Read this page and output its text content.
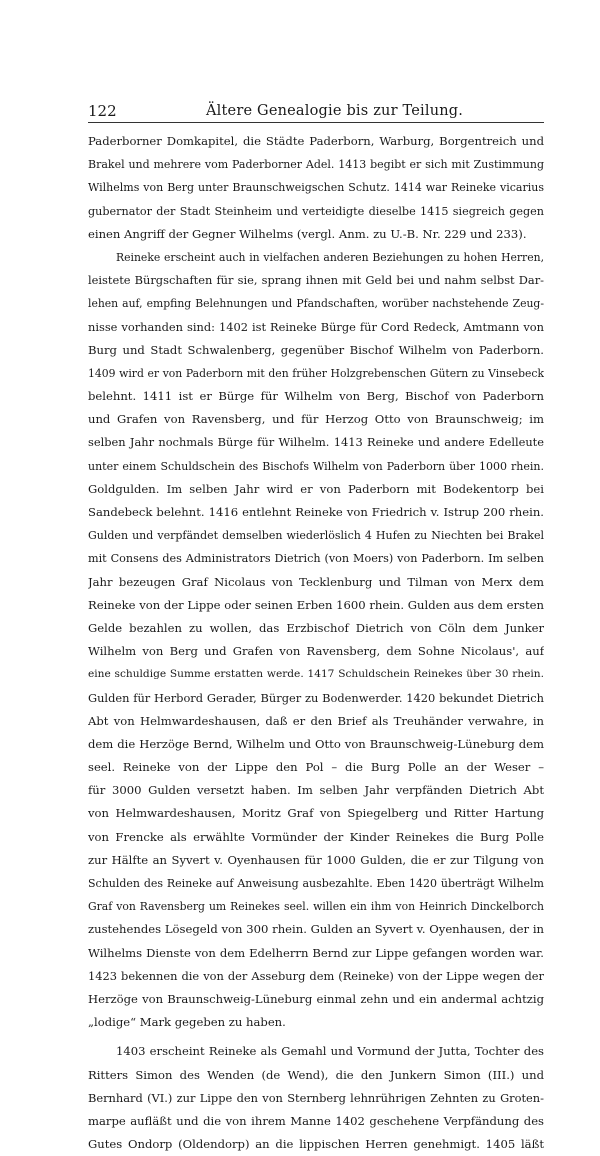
122	Ältere Genealogie bis zur Teilung.
Paderborner Domkapitel, die Städte Paderborn, Warburg, Borgentreich und
Brakel und mehrere vom Paderborner Adel. 1413 begibt er sich mit Zustimmung
Wilhelms von Berg unter Braunschweigschen Schutz. 1414 war Reineke vicarius
gubernator der Stadt Steinheim und verteidigte dieselbe 1415 siegreich gegen
einen Angriff der Gegner Wilhelms (vergl. Anm. zu U.-B. Nr. 229 und 233).
Reineke erscheint auch in vielfachen anderen Beziehungen zu hohen Herren,
leistete Bürgschaften für sie, sprang ihnen mit Geld bei und nahm selbst Dar-
lehen auf, empfing Belehnungen und Pfandschaften, worüber nachstehende Zeug-
nisse vorhanden sind: 1402 ist Reineke Bürge für Cord Redeck, Amtmann von
Burg und Stadt Schwalenberg, gegenüber Bischof Wilhelm von Paderborn.
1409 wird er von Paderborn mit den früher Holzgrebenschen Gütern zu Vinsebeck
belehnt. 1411 ist er Bürge für Wilhelm von Berg, Bischof von Paderborn
und Grafen von Ravensberg, und für Herzog Otto von Braunschweig; im
selben Jahr nochmals Bürge für Wilhelm. 1413 Reineke und andere Edelleute
unter einem Schuldschein des Bischofs Wilhelm von Paderborn über 1000 rhein.
Goldgulden. Im selben Jahr wird er von Paderborn mit Bodekentorp bei
Sandebeck belehnt. 1416 entlehnt Reineke von Friedrich v. Istrup 200 rhein.
Gulden und verpfändet demselben wiederlöslich 4 Hufen zu Niechten bei Brakel
mit Consens des Administrators Dietrich (von Moers) von Paderborn. Im selben
Jahr bezeugen Graf Nicolaus von Tecklenburg und Tilman von Merx dem
Reineke von der Lippe oder seinen Erben 1600 rhein. Gulden aus dem ersten
Gelde bezahlen zu wollen, das Erzbischof Dietrich von Cöln dem Junker
Wilhelm von Berg und Grafen von Ravensberg, dem Sohne Nicolaus', auf
eine schuldige Summe erstatten werde. 1417 Schuldschein Reinekes über 30 rhein.
Gulden für Herbord Gerader, Bürger zu Bodenwerder. 1420 bekundet Dietrich
Abt von Helmwardeshausen, daß er den Brief als Treuhänder verwahre, in
dem die Herzöge Bernd, Wilhelm und Otto von Braunschweig-Lüneburg dem
seel. Reineke von der Lippe den Pol – die Burg Polle an der Weser –
für 3000 Gulden versetzt haben. Im selben Jahr verpfänden Dietrich Abt
von Helmwardeshausen, Moritz Graf von Spiegelberg und Ritter Hartung
von Frencke als erwählte Vormünder der Kinder Reinekes die Burg Polle
zur Hälfte an Syvert v. Oyenhausen für 1000 Gulden, die er zur Tilgung von
Schulden des Reineke auf Anweisung ausbezahlte. Eben 1420 überträgt Wilhelm
Graf von Ravensberg um Reinekes seel. willen ein ihm von Heinrich Dinckelborch
zustehendes Lösegeld von 300 rhein. Gulden an Syvert v. Oyenhausen, der in
Wilhelms Dienste von dem Edelherrn Bernd zur Lippe gefangen worden war.
1423 bekennen die von der Asseburg dem (Reineke) von der Lippe wegen der
Herzöge von Braunschweig-Lüneburg einmal zehn und ein andermal achtzig
„lodige“ Mark gegeben zu haben.
1403 erscheint Reineke als Gemahl und Vormund der Jutta, Tochter des
Ritters Simon des Wenden (de Wend), die den Junkern Simon (III.) und
Bernhard (VI.) zur Lippe den von Sternberg lehnrührigen Zehnten zu Groten-
marpe aufläßt und die von ihrem Manne 1402 geschehene Verpfändung des
Gutes Ondorp (Oldendorp) an die lippischen Herren genehmigt. 1405 läßt
